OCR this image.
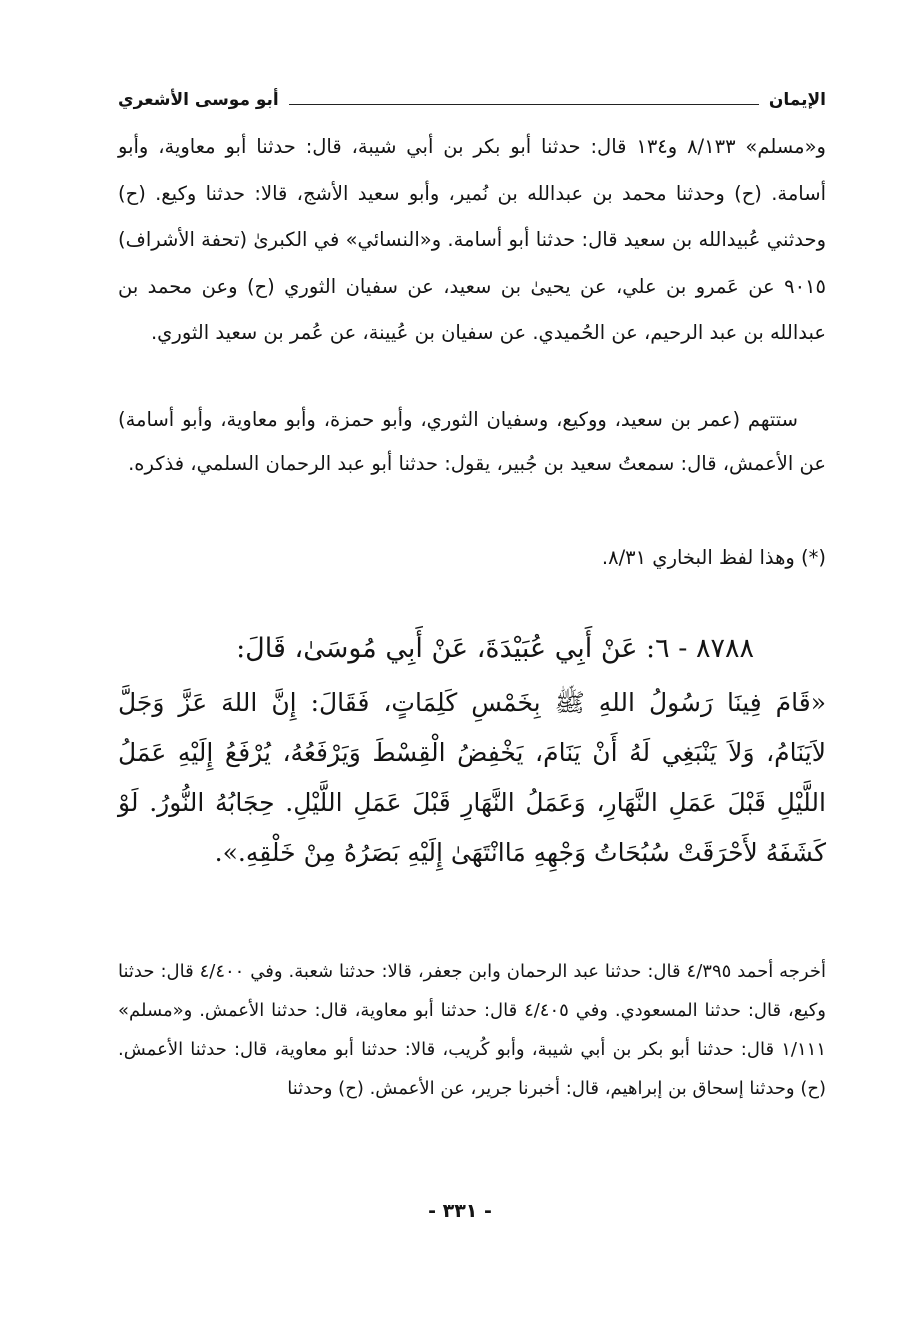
الإيمان
أبو موسى الأشعري
و«مسلم» ٨/١٣٣ و١٣٤ قال: حدثنا أبو بكر بن أبي شيبة، قال: حدثنا أبو معاوية، وأبو أسامة. (ح) وحدثنا محمد بن عبدالله بن نُمير، وأبو سعيد الأشج، قالا: حدثنا وكيع. (ح) وحدثني عُبيدالله بن سعيد قال: حدثنا أبو أسامة. و«النسائي» في الكبرىٰ (تحفة الأشراف) ٩٠١٥ عن عَمرو بن علي، عن يحيىٰ بن سعيد، عن سفيان الثوري (ح) وعن محمد بن عبدالله بن عبد الرحيم، عن الحُميدي. عن سفيان بن عُيينة، عن عُمر بن سعيد الثوري.
ستتهم (عمر بن سعيد، ووكيع، وسفيان الثوري، وأبو حمزة، وأبو معاوية، وأبو أسامة) عن الأعمش، قال: سمعتُ سعيد بن جُبير، يقول: حدثنا أبو عبد الرحمان السلمي، فذكره.
(*) وهذا لفظ البخاري ٨/٣١.
٨٧٨٨ - ٦: عَنْ أَبِي عُبَيْدَةَ، عَنْ أَبِي مُوسَىٰ، قَالَ:
«قَامَ فِينَا رَسُولُ اللهِ ﷺ بِخَمْسِ كَلِمَاتٍ، فَقَالَ: إِنَّ اللهَ عَزَّ وَجَلَّ لاَيَنَامُ، وَلاَ يَنْبَغِي لَهُ أَنْ يَنَامَ، يَخْفِضُ الْقِسْطَ وَيَرْفَعُهُ، يُرْفَعُ إِلَيْهِ عَمَلُ اللَّيْلِ قَبْلَ عَمَلِ النَّهَارِ، وَعَمَلُ النَّهَارِ قَبْلَ عَمَلِ اللَّيْلِ. حِجَابُهُ النُّورُ. لَوْ كَشَفَهُ لأَحْرَقَتْ سُبُحَاتُ وَجْهِهِ مَاانْتَهَىٰ إِلَيْهِ بَصَرُهُ مِنْ خَلْقِهِ.».
أخرجه أحمد ٤/٣٩٥ قال: حدثنا عبد الرحمان وابن جعفر، قالا: حدثنا شعبة. وفي ٤/٤٠٠ قال: حدثنا وكيع، قال: حدثنا المسعودي. وفي ٤/٤٠٥ قال: حدثنا أبو معاوية، قال: حدثنا الأعمش. و«مسلم» ١/١١١ قال: حدثنا أبو بكر بن أبي شيبة، وأبو كُريب، قالا: حدثنا أبو معاوية، قال: حدثنا الأعمش. (ح) وحدثنا إسحاق بن إبراهيم، قال: أخبرنا جرير، عن الأعمش. (ح) وحدثنا
- ٣٣١ -
